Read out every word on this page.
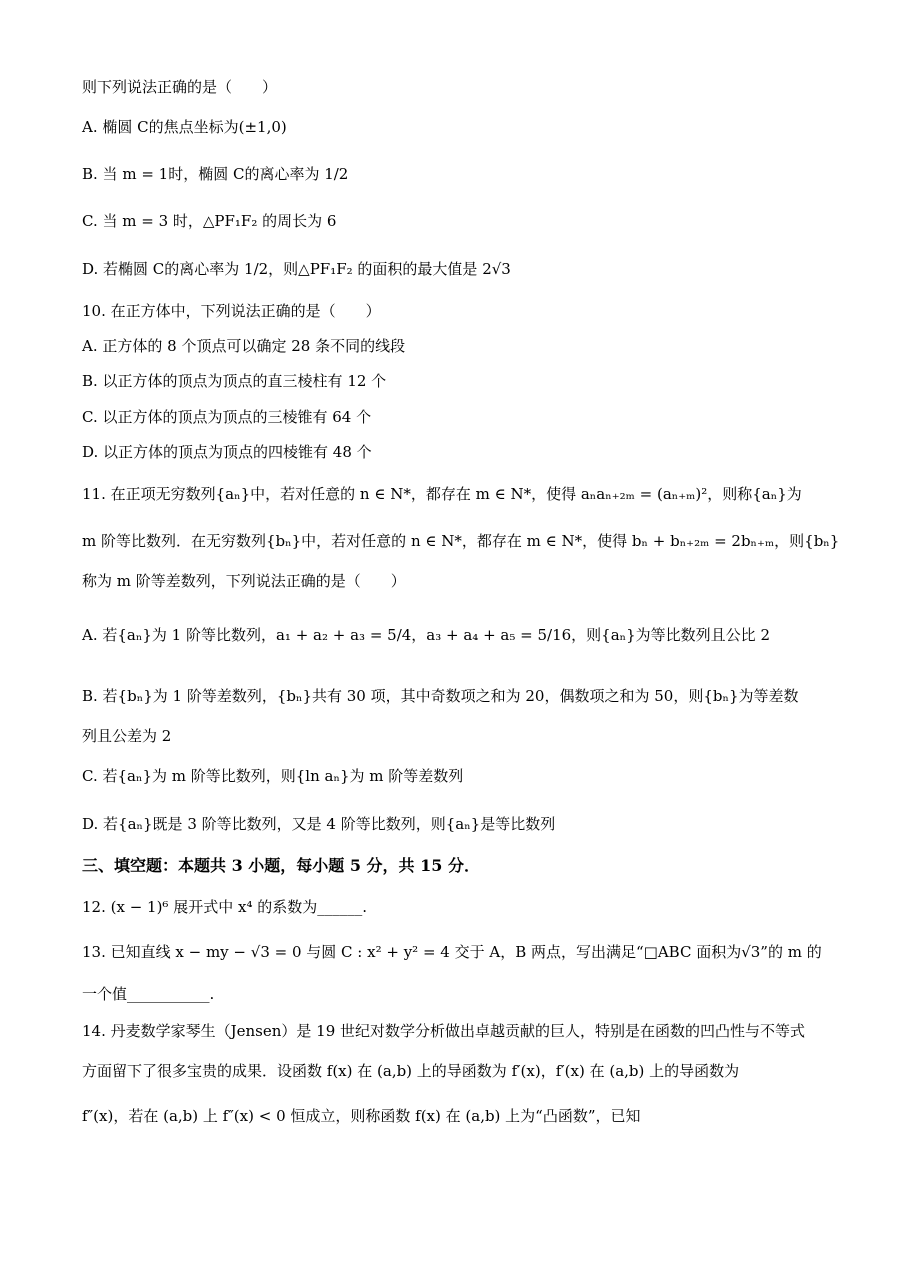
则下列说法正确的是（　　）
A. 椭圆 C的焦点坐标为(±1,0)
B. 当 m = 1时，椭圆 C的离心率为 1/2
C. 当 m = 3 时，△PF₁F₂ 的周长为 6
D. 若椭圆 C的离心率为 1/2，则△PF₁F₂ 的面积的最大值是 2√3
10. 在正方体中，下列说法正确的是（　　）
A. 正方体的 8 个顶点可以确定 28 条不同的线段
B. 以正方体的顶点为顶点的直三棱柱有 12 个
C. 以正方体的顶点为顶点的三棱锥有 64 个
D. 以正方体的顶点为顶点的四棱锥有 48 个
11. 在正项无穷数列{aₙ}中，若对任意的 n ∈ N*，都存在 m ∈ N*，使得 aₙaₙ₊₂ₘ = (aₙ₊ₘ)²，则称{aₙ}为
m 阶等比数列．在无穷数列{bₙ}中，若对任意的 n ∈ N*，都存在 m ∈ N*，使得 bₙ + bₙ₊₂ₘ = 2bₙ₊ₘ，则{bₙ}
称为 m 阶等差数列，下列说法正确的是（　　）
A. 若{aₙ}为 1 阶等比数列，a₁ + a₂ + a₃ = 5/4，a₃ + a₄ + a₅ = 5/16，则{aₙ}为等比数列且公比 2
B. 若{bₙ}为 1 阶等差数列，{bₙ}共有 30 项，其中奇数项之和为 20，偶数项之和为 50，则{bₙ}为等差数
列且公差为 2
C. 若{aₙ}为 m 阶等比数列，则{ln aₙ}为 m 阶等差数列
D. 若{aₙ}既是 3 阶等比数列，又是 4 阶等比数列，则{aₙ}是等比数列
三、填空题：本题共 3 小题，每小题 5 分，共 15 分．
12. (x − 1)⁶ 展开式中 x⁴ 的系数为______.
13. 已知直线 x − my − √3 = 0 与圆 C : x² + y² = 4 交于 A，B 两点，写出满足“□ABC 面积为√3”的 m 的
一个值___________.
14. 丹麦数学家琴生（Jensen）是 19 世纪对数学分析做出卓越贡献的巨人，特别是在函数的凹凸性与不等式
方面留下了很多宝贵的成果．设函数 f(x) 在 (a,b) 上的导函数为 f′(x)，f′(x) 在 (a,b) 上的导函数为
f″(x)，若在 (a,b) 上 f″(x) < 0 恒成立，则称函数 f(x) 在 (a,b) 上为“凸函数”，已知
